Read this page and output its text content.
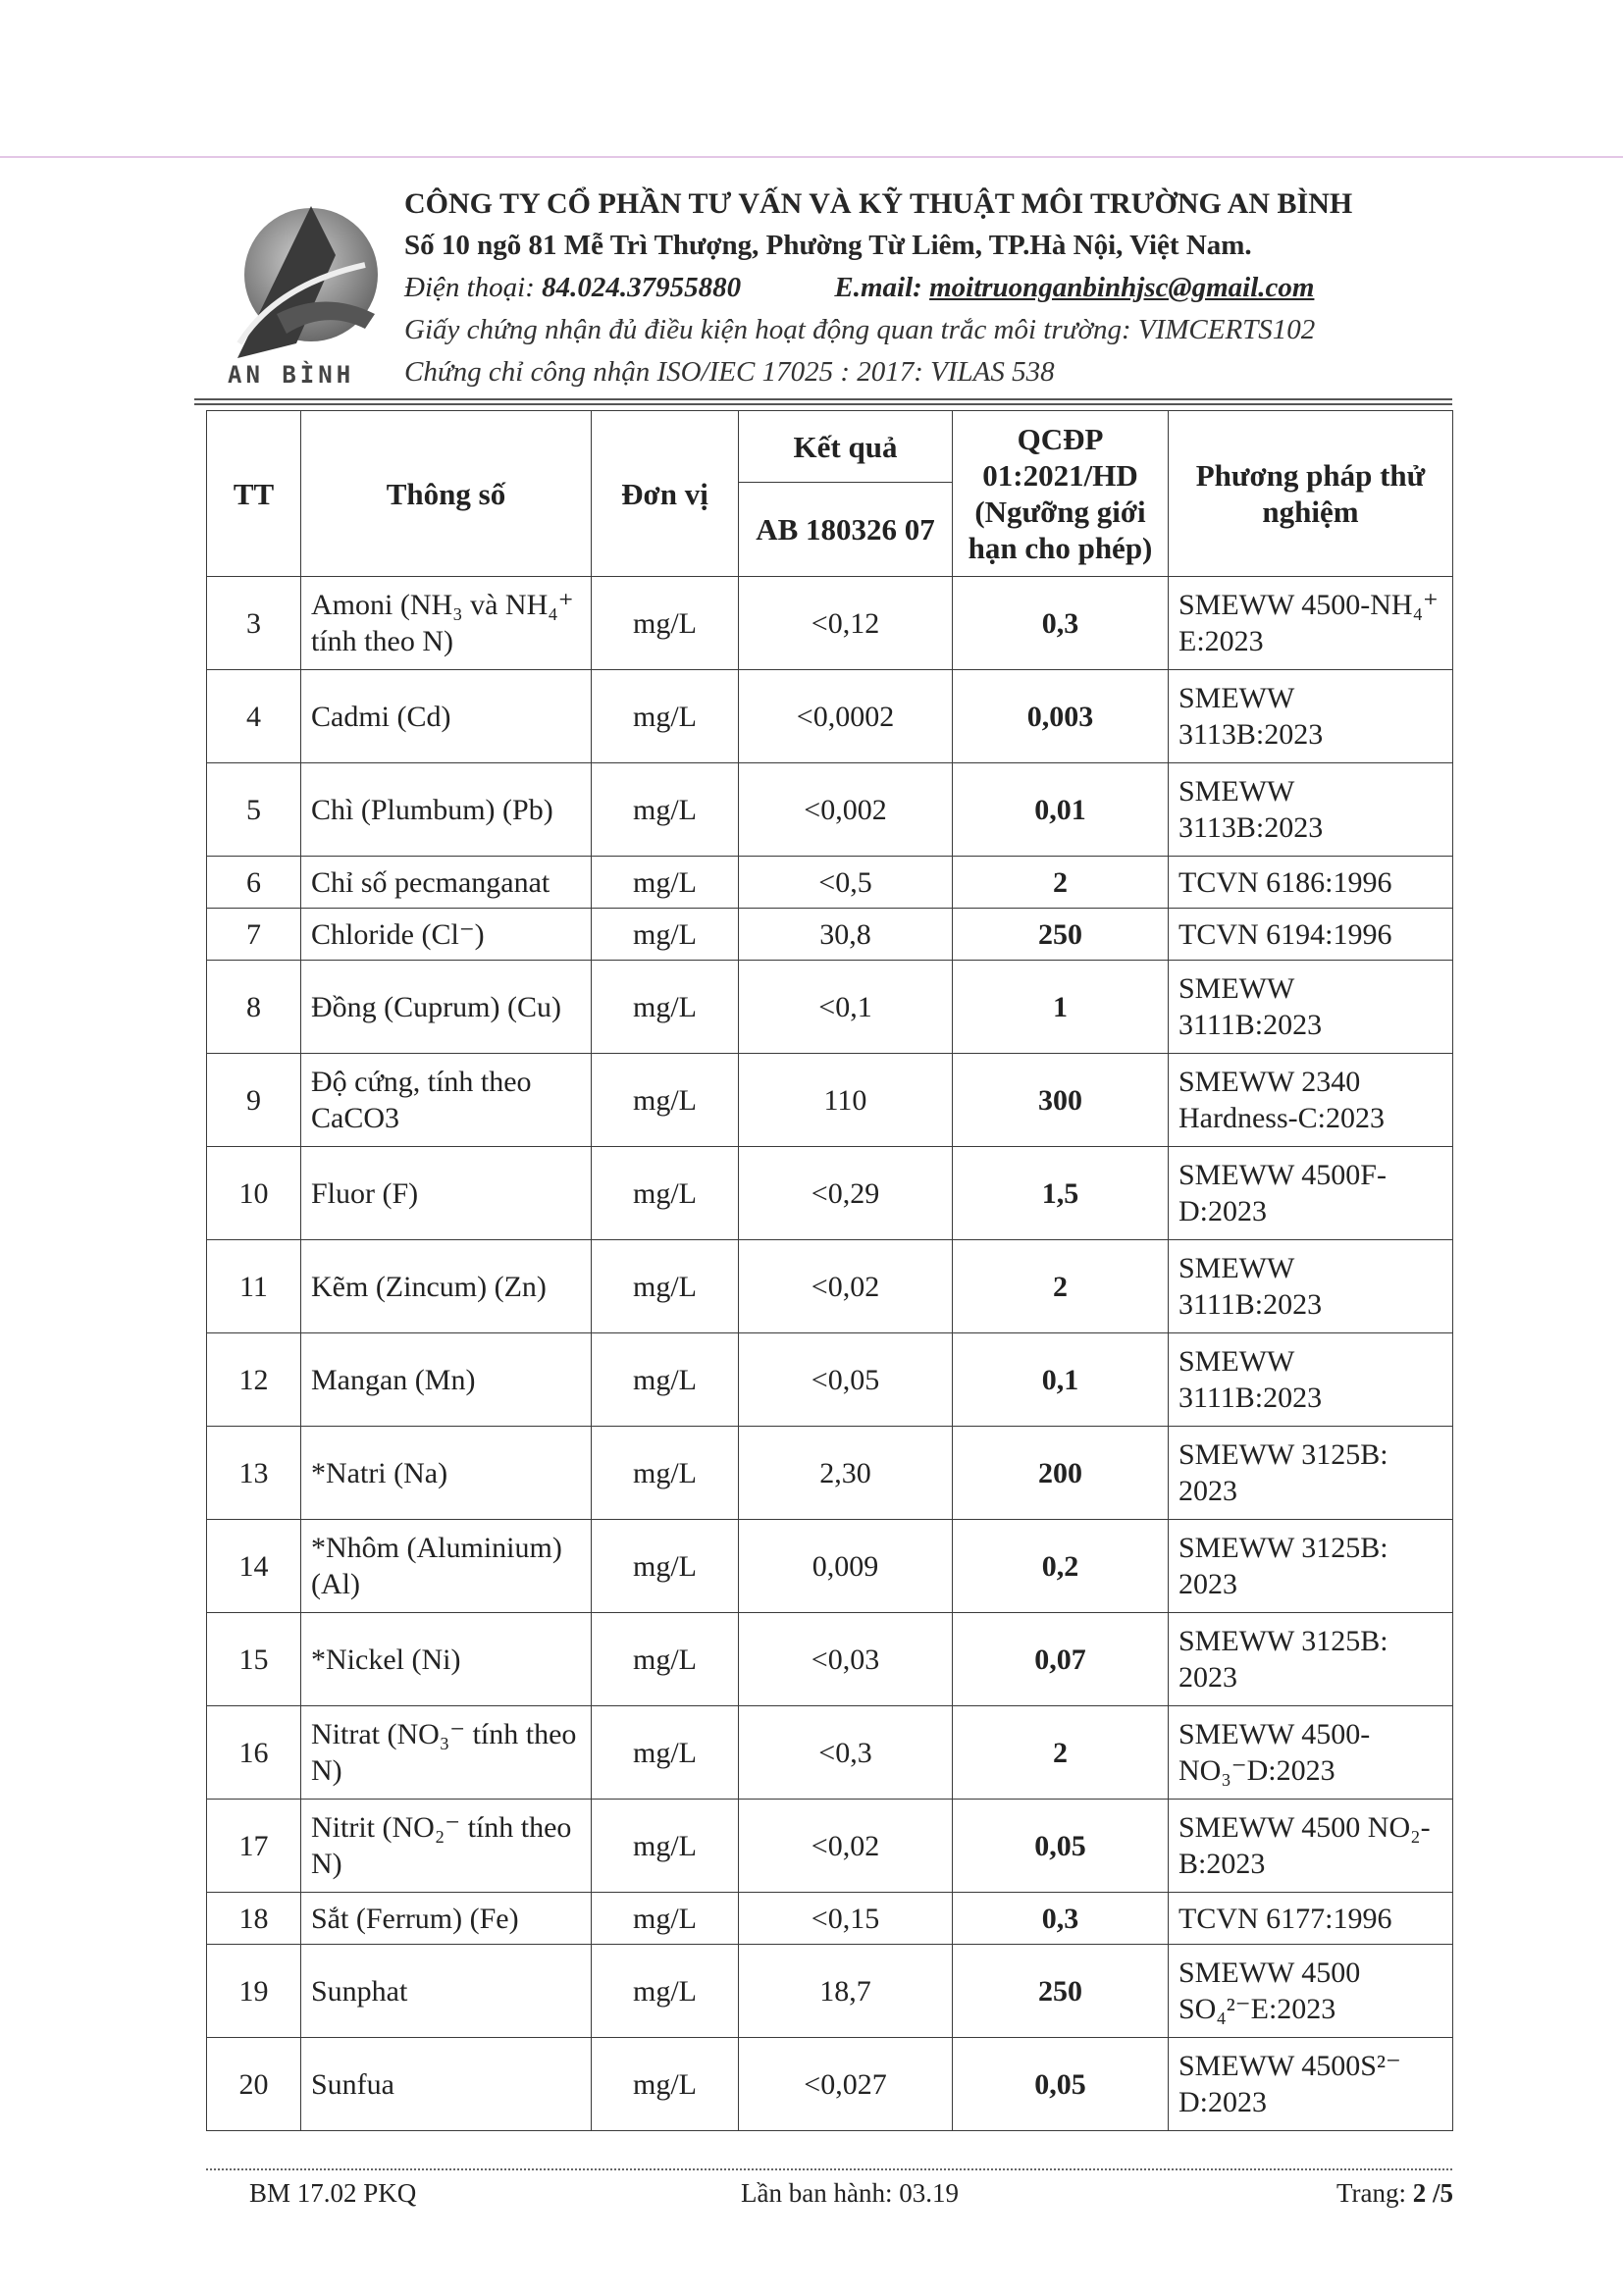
AN BÌNH
CÔNG TY CỔ PHẦN TƯ VẤN VÀ KỸ THUẬT MÔI TRƯỜNG AN BÌNH
Số 10 ngõ 81 Mễ Trì Thượng, Phường Từ Liêm, TP.Hà Nội, Việt Nam.
Điện thoại: 84.024.37955880	E.mail: moitruonganbinhjsc@gmail.com
Giấy chứng nhận đủ điều kiện hoạt động quan trắc môi trường: VIMCERTS102
Chứng chỉ công nhận ISO/IEC 17025 : 2017: VILAS 538
TT	Thông số	Đơn vị	Kết quả	QCĐP 01:2021/HD (Ngưỡng giới hạn cho phép)	Phương pháp thử nghiệm
			AB 180326 07		
3	Amoni (NH₃ và NH₄⁺ tính theo N)	mg/L	<0,12	0,3	SMEWW 4500-NH₄⁺ E:2023
4	Cadmi (Cd)	mg/L	<0,0002	0,003	SMEWW 3113B:2023
5	Chì (Plumbum) (Pb)	mg/L	<0,002	0,01	SMEWW 3113B:2023
6	Chỉ số pecmanganat	mg/L	<0,5	2	TCVN 6186:1996
7	Chloride (Cl⁻)	mg/L	30,8	250	TCVN 6194:1996
8	Đồng (Cuprum) (Cu)	mg/L	<0,1	1	SMEWW 3111B:2023
9	Độ cứng, tính theo CaCO3	mg/L	110	300	SMEWW 2340 Hardness-C:2023
10	Fluor (F)	mg/L	<0,29	1,5	SMEWW 4500F-D:2023
11	Kẽm (Zincum) (Zn)	mg/L	<0,02	2	SMEWW 3111B:2023
12	Mangan (Mn)	mg/L	<0,05	0,1	SMEWW 3111B:2023
13	*Natri (Na)	mg/L	2,30	200	SMEWW 3125B: 2023
14	*Nhôm (Aluminium) (Al)	mg/L	0,009	0,2	SMEWW 3125B: 2023
15	*Nickel (Ni)	mg/L	<0,03	0,07	SMEWW 3125B: 2023
16	Nitrat (NO₃⁻ tính theo N)	mg/L	<0,3	2	SMEWW 4500-NO₃⁻D:2023
17	Nitrit (NO₂⁻ tính theo N)	mg/L	<0,02	0,05	SMEWW 4500 NO₂-B:2023
18	Sắt (Ferrum) (Fe)	mg/L	<0,15	0,3	TCVN 6177:1996
19	Sunphat	mg/L	18,7	250	SMEWW 4500 SO₄²⁻E:2023
20	Sunfua	mg/L	<0,027	0,05	SMEWW 4500S²⁻ D:2023
BM 17.02 PKQ	Lần ban hành: 03.19	Trang: 2 /5
